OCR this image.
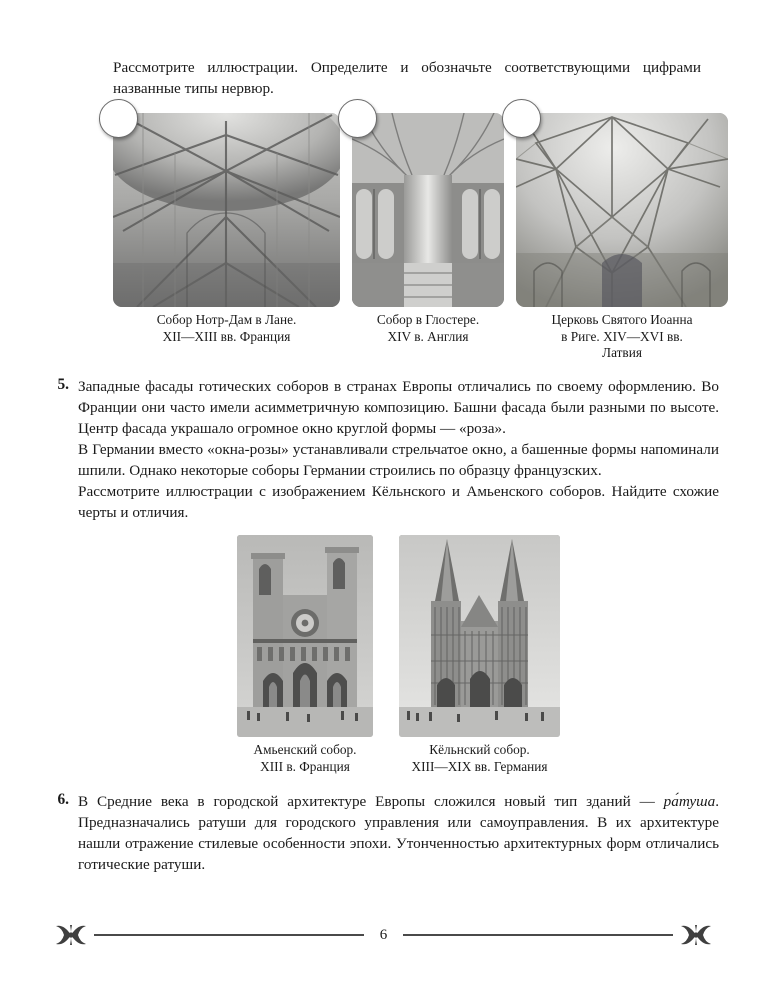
Рассмотрите иллюстрации. Определите и обозначьте соответствующими цифрами названные типы нервюр.
Собор Нотр-Дам в Лане.
XII—XIII вв. Франция
Собор в Глостере.
XIV в. Англия
Церковь Святого Иоанна
в Риге. XIV—XVI вв.
Латвия
5. Западные фасады готических соборов в странах Европы отличались по своему оформлению. Во Франции они часто имели асимметричную композицию. Башни фасада были разными по высоте. Центр фасада украшало огромное окно круглой формы — «роза».

В Германии вместо «окна-розы» устанавливали стрельчатое окно, а башенные формы напоминали шпили. Однако некоторые соборы Германии строились по образцу французских.

Рассмотрите иллюстрации с изображением Кёльнского и Амьенского соборов. Найдите схожие черты и отличия.

Амьенский собор.
XIII в. Франция
Кёльнский собор.
XIII—XIX вв. Германия
6. В Средние века в городской архитектуре Европы сложился новый тип зданий — ра́туша. Предназначались ратуши для городского управления или самоуправления. В их архитектуре нашли отражение стилевые особенности эпохи. Утонченностью архитектурных форм отличались готические ратуши.

6
